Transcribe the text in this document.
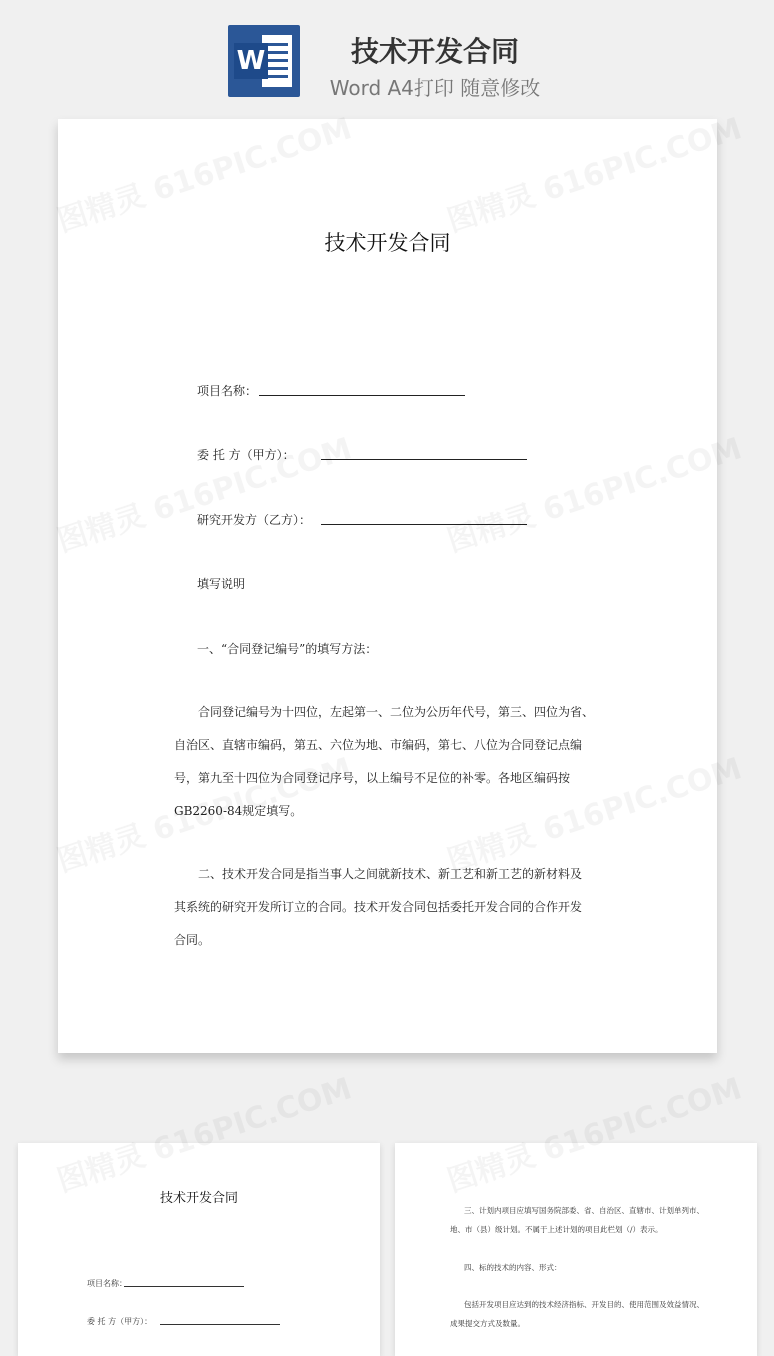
W	技术开发合同
Word A4打印 随意修改
技术开发合同
项目名称：
委 托 方（甲方）：
研究开发方（乙方）：
填写说明
一、“合同登记编号”的填写方法：
合同登记编号为十四位，左起第一、二位为公历年代号，第三、四位为省、
自治区、直辖市编码，第五、六位为地、市编码，第七、八位为合同登记点编
号，第九至十四位为合同登记序号，以上编号不足位的补零。各地区编码按
GB2260-84规定填写。
二、技术开发合同是指当事人之间就新技术、新工艺和新工艺的新材料及
其系统的研究开发所订立的合同。技术开发合同包括委托开发合同的合作开发
合同。
技术开发合同
项目名称：
委 托 方（甲方）：
三、计划内项目应填写国务院部委、省、自治区、直辖市、计划单列市、
地、市（县）级计划。不属于上述计划的项目此栏划（/）表示。
四、标的技术的内容、形式：
包括开发项目应达到的技术经济指标、开发目的、使用范围及效益情况、
成果提交方式及数量。
